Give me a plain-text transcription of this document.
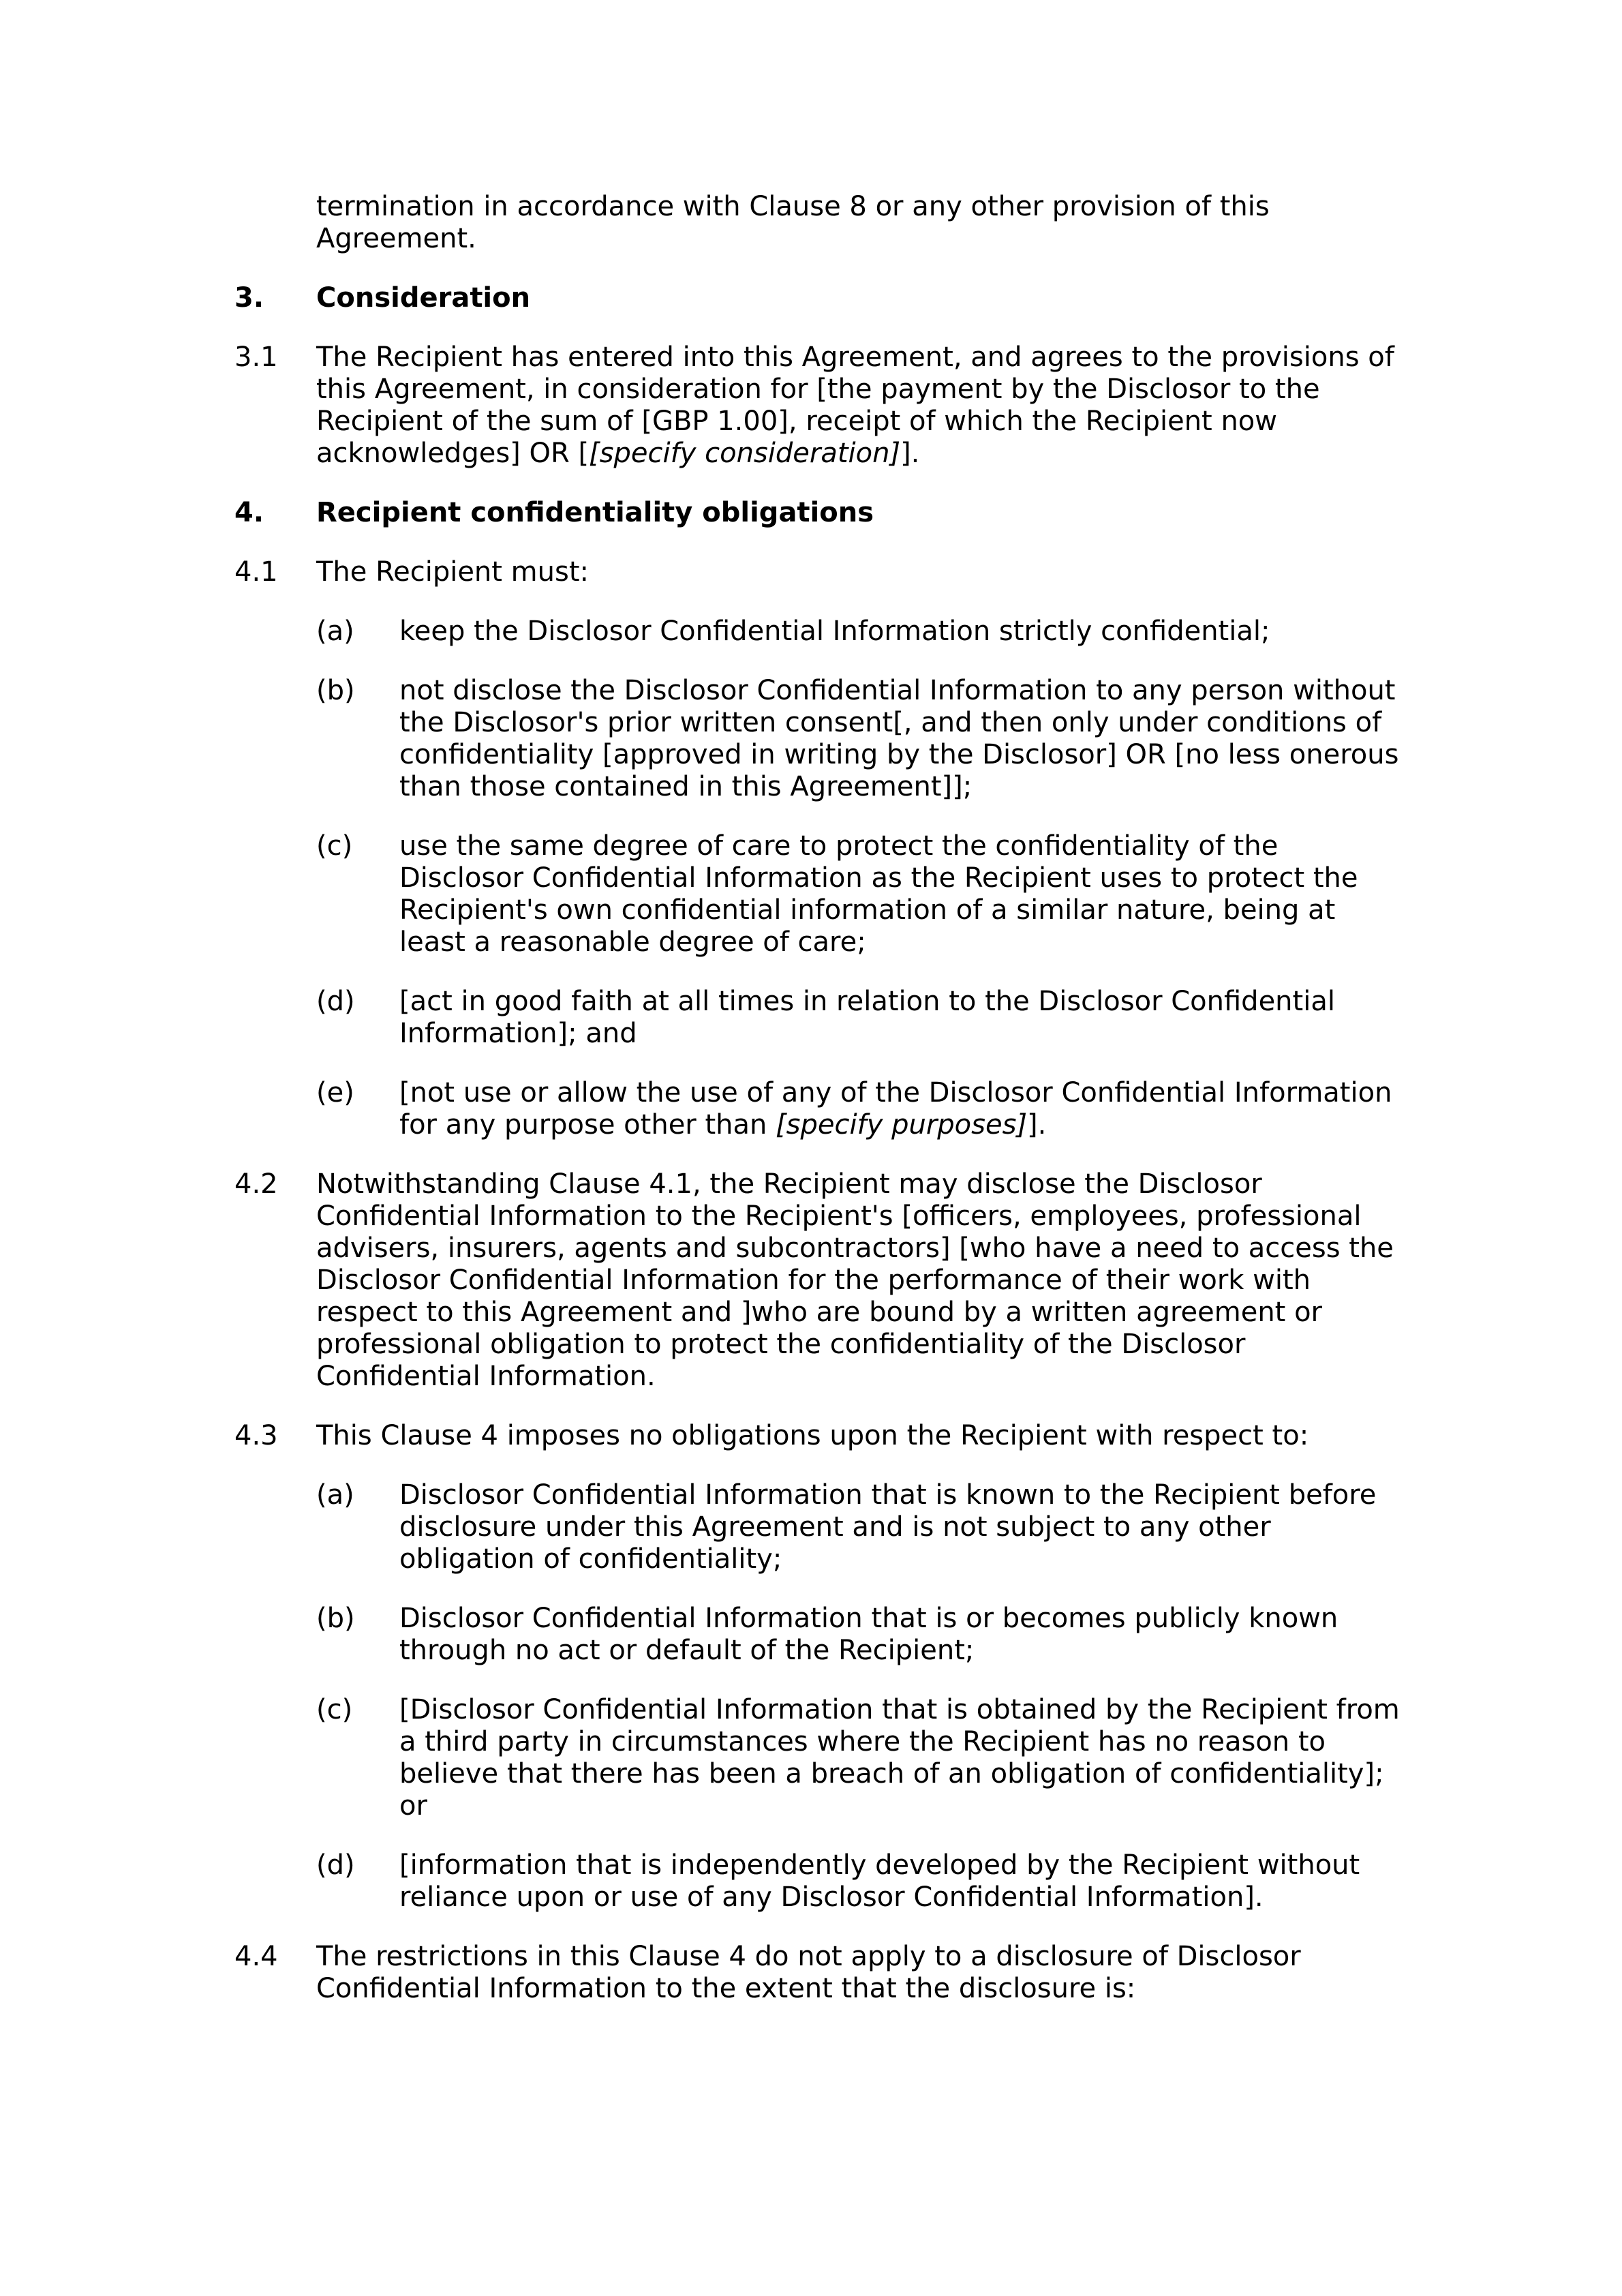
termination in accordance with Clause 8 or any other provision of this Agreement.
3.	Consideration
3.1	The Recipient has entered into this Agreement, and agrees to the provisions of this Agreement, in consideration for [the payment by the Disclosor to the Recipient of the sum of [GBP 1.00], receipt of which the Recipient now acknowledges] OR [[specify consideration]].
4.	Recipient confidentiality obligations
4.1	The Recipient must:
(a)	keep the Disclosor Confidential Information strictly confidential;
(b)	not disclose the Disclosor Confidential Information to any person without the Disclosor's prior written consent[, and then only under conditions of confidentiality [approved in writing by the Disclosor] OR [no less onerous than those contained in this Agreement]];
(c)	use the same degree of care to protect the confidentiality of the Disclosor Confidential Information as the Recipient uses to protect the Recipient's own confidential information of a similar nature, being at least a reasonable degree of care;
(d)	[act in good faith at all times in relation to the Disclosor Confidential Information]; and
(e)	[not use or allow the use of any of the Disclosor Confidential Information for any purpose other than [specify purposes]].
4.2	Notwithstanding Clause 4.1, the Recipient may disclose the Disclosor Confidential Information to the Recipient's [officers, employees, professional advisers, insurers, agents and subcontractors] [who have a need to access the Disclosor Confidential Information for the performance of their work with respect to this Agreement and ]who are bound by a written agreement or professional obligation to protect the confidentiality of the Disclosor Confidential Information.
4.3	This Clause 4 imposes no obligations upon the Recipient with respect to:
(a)	Disclosor Confidential Information that is known to the Recipient before disclosure under this Agreement and is not subject to any other obligation of confidentiality;
(b)	Disclosor Confidential Information that is or becomes publicly known through no act or default of the Recipient;
(c)	[Disclosor Confidential Information that is obtained by the Recipient from a third party in circumstances where the Recipient has no reason to believe that there has been a breach of an obligation of confidentiality]; or
(d)	[information that is independently developed by the Recipient without reliance upon or use of any Disclosor Confidential Information].
4.4	The restrictions in this Clause 4 do not apply to a disclosure of Disclosor Confidential Information to the extent that the disclosure is:
